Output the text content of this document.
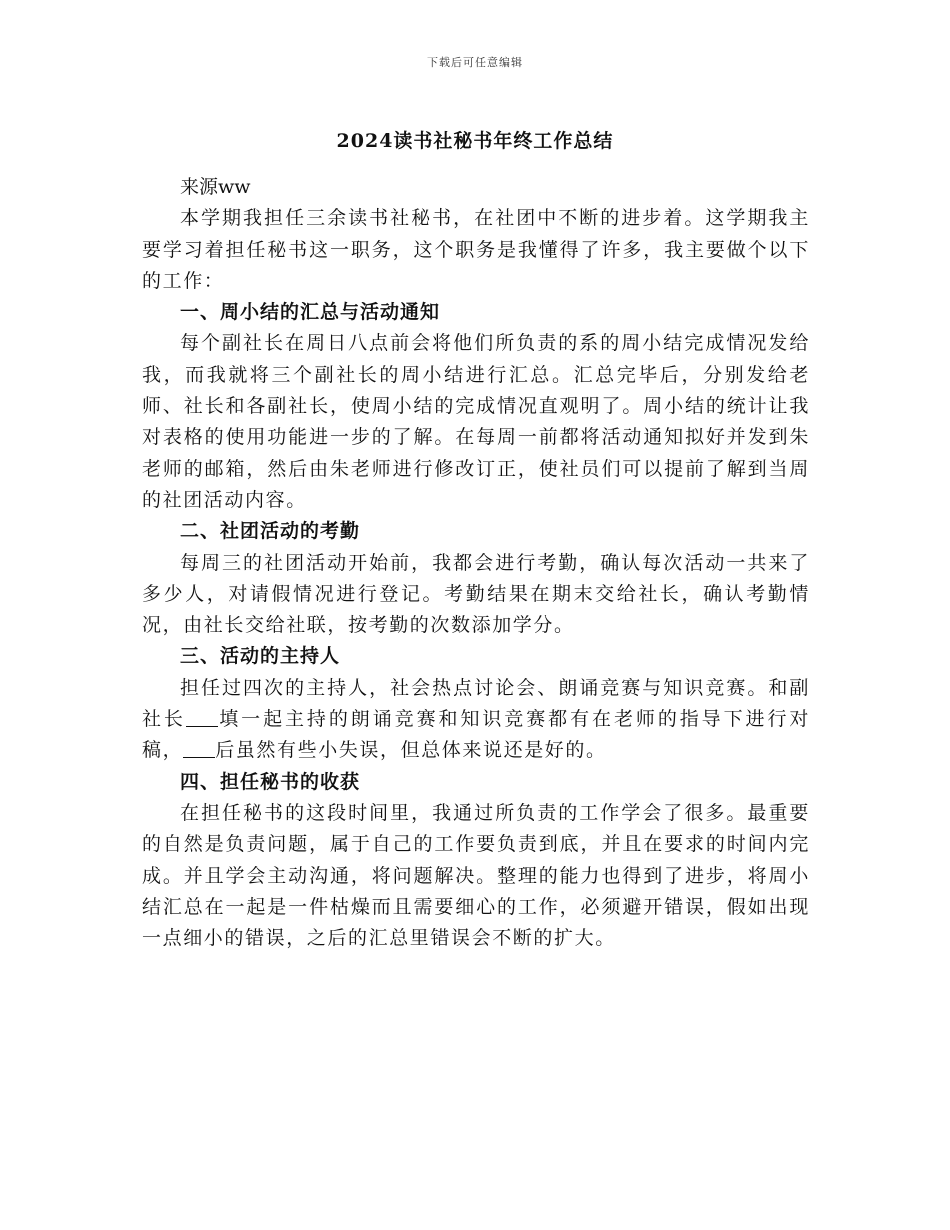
下载后可任意编辑
2024读书社秘书年终工作总结

来源ww

本学期我担任三余读书社秘书，在社团中不断的进步着。这学期我主要学习着担任秘书这一职务，这个职务是我懂得了许多，我主要做个以下的工作：

一、周小结的汇总与活动通知

每个副社长在周日八点前会将他们所负责的系的周小结完成情况发给我，而我就将三个副社长的周小结进行汇总。汇总完毕后，分别发给老师、社长和各副社长，使周小结的完成情况直观明了。周小结的统计让我对表格的使用功能进一步的了解。在每周一前都将活动通知拟好并发到朱老师的邮箱，然后由朱老师进行修改订正，使社员们可以提前了解到当周的社团活动内容。

二、社团活动的考勤

每周三的社团活动开始前，我都会进行考勤，确认每次活动一共来了多少人，对请假情况进行登记。考勤结果在期末交给社长，确认考勤情况，由社长交给社联，按考勤的次数添加学分。

三、活动的主持人

担任过四次的主持人，社会热点讨论会、朗诵竞赛与知识竞赛。和副社长 填一起主持的朗诵竞赛和知识竞赛都有在老师的指导下进行对稿， 后虽然有些小失误，但总体来说还是好的。

四、担任秘书的收获

在担任秘书的这段时间里，我通过所负责的工作学会了很多。最重要的自然是负责问题，属于自己的工作要负责到底，并且在要求的时间内完成。并且学会主动沟通，将问题解决。整理的能力也得到了进步，将周小结汇总在一起是一件枯燥而且需要细心的工作，必须避开错误，假如出现一点细小的错误，之后的汇总里错误会不断的扩大。
